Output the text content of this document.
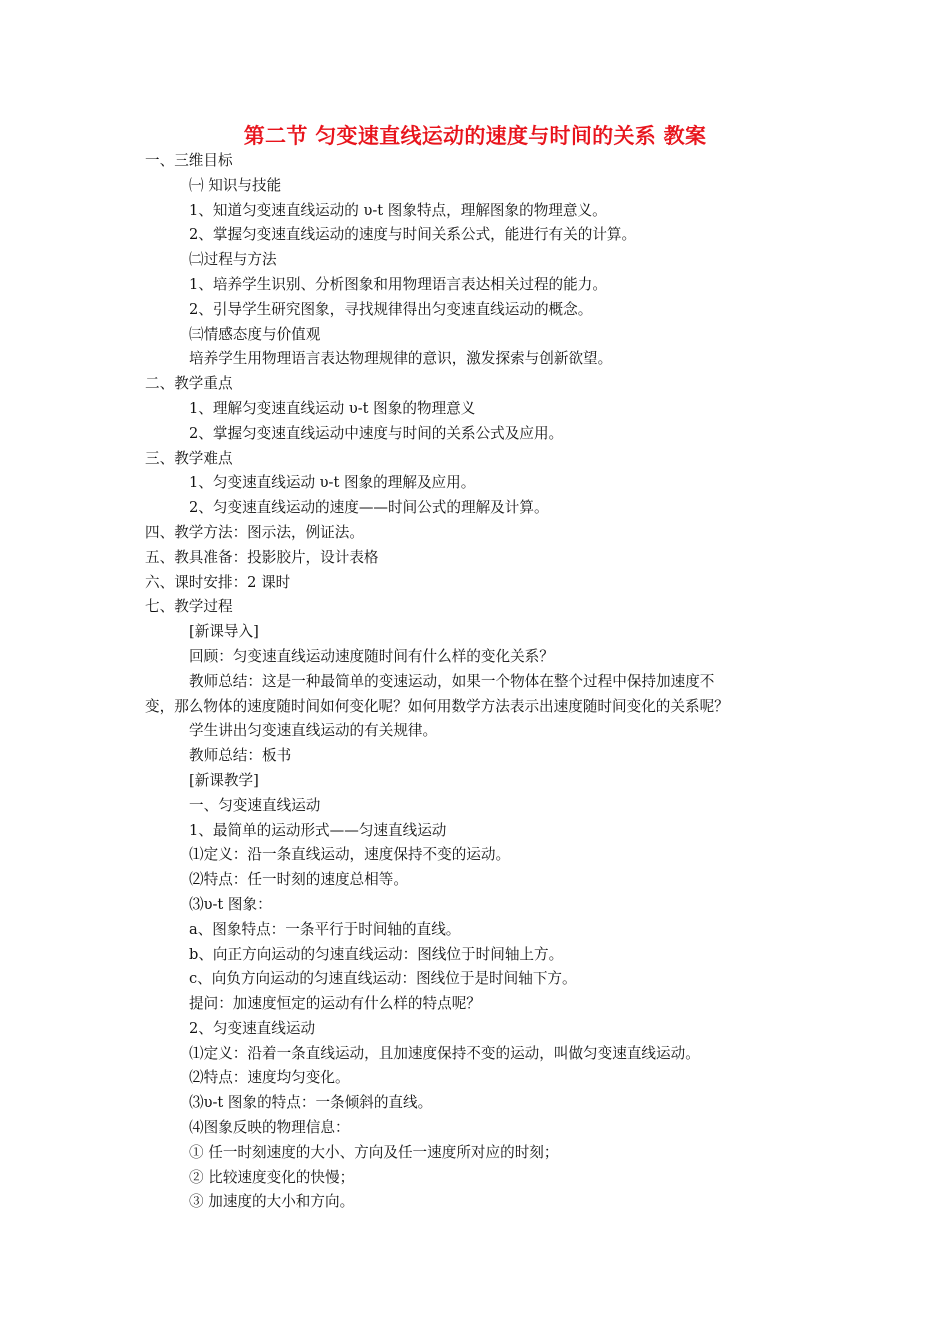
第二节 匀变速直线运动的速度与时间的关系 教案
一、三维目标
㈠ 知识与技能
1、知道匀变速直线运动的 υ-t 图象特点，理解图象的物理意义。
2、掌握匀变速直线运动的速度与时间关系公式，能进行有关的计算。
㈡过程与方法
1、培养学生识别、分析图象和用物理语言表达相关过程的能力。
2、引导学生研究图象，寻找规律得出匀变速直线运动的概念。
㈢情感态度与价值观
培养学生用物理语言表达物理规律的意识，激发探索与创新欲望。
二、教学重点
1、理解匀变速直线运动 υ-t 图象的物理意义
2、掌握匀变速直线运动中速度与时间的关系公式及应用。
三、教学难点
1、匀变速直线运动 υ-t 图象的理解及应用。
2、匀变速直线运动的速度——时间公式的理解及计算。
四、教学方法：图示法，例证法。
五、教具准备：投影胶片，设计表格
六、课时安排：2 课时
七、教学过程
[新课导入]
回顾：匀变速直线运动速度随时间有什么样的变化关系？
教师总结：这是一种最简单的变速运动，如果一个物体在整个过程中保持加速度不
变，那么物体的速度随时间如何变化呢？如何用数学方法表示出速度随时间变化的关系呢？
学生讲出匀变速直线运动的有关规律。
教师总结：板书
[新课教学]
一、匀变速直线运动
1、最简单的运动形式——匀速直线运动
⑴定义：沿一条直线运动，速度保持不变的运动。
⑵特点：任一时刻的速度总相等。
⑶υ-t 图象：
a、图象特点：一条平行于时间轴的直线。
b、向正方向运动的匀速直线运动：图线位于时间轴上方。
c、向负方向运动的匀速直线运动：图线位于是时间轴下方。
提问：加速度恒定的运动有什么样的特点呢？
2、匀变速直线运动
⑴定义：沿着一条直线运动，且加速度保持不变的运动，叫做匀变速直线运动。
⑵特点：速度均匀变化。
⑶υ-t 图象的特点：一条倾斜的直线。
⑷图象反映的物理信息：
① 任一时刻速度的大小、方向及任一速度所对应的时刻；
② 比较速度变化的快慢；
③ 加速度的大小和方向。
